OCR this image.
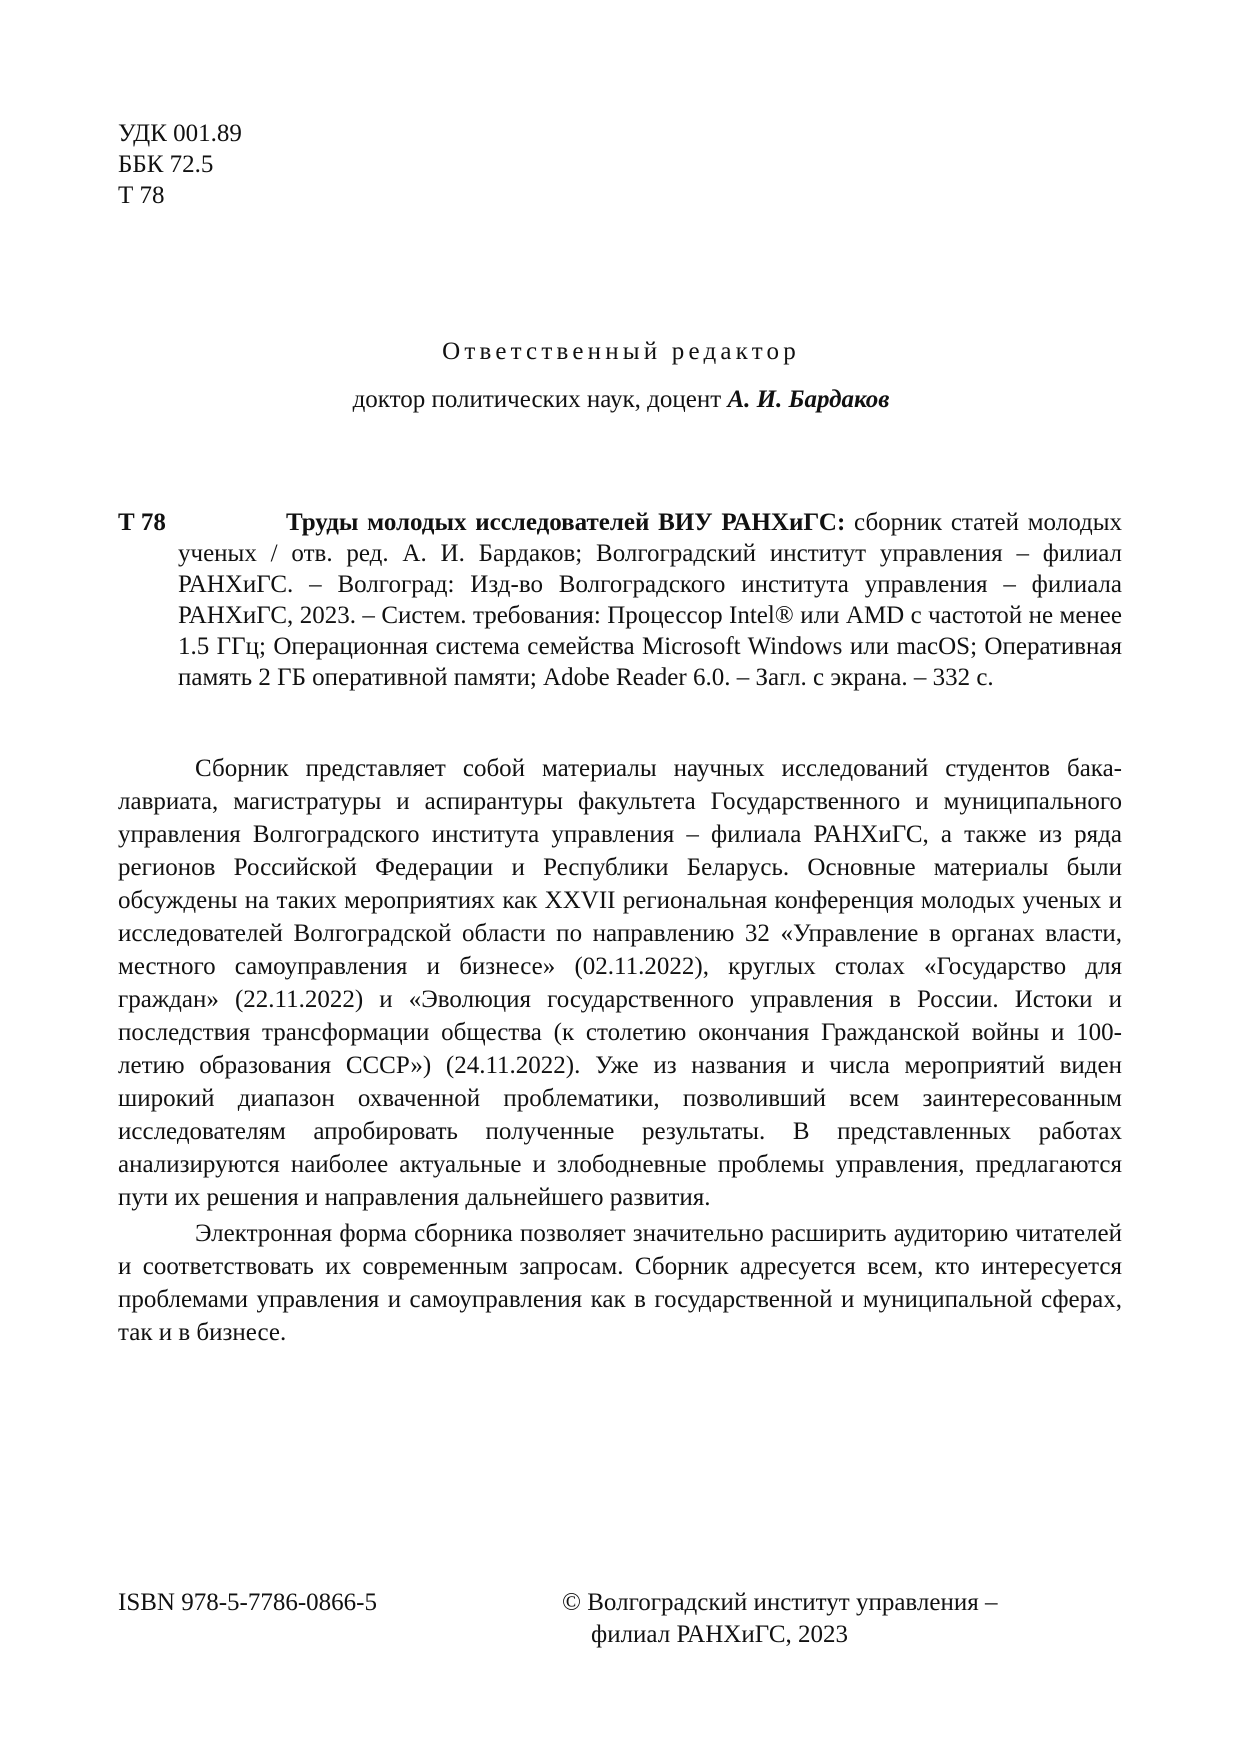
УДК 001.89
ББК 72.5
Т 78
Ответственный редактор
доктор политических наук, доцент А. И. Бардаков
Т 78	Труды молодых исследователей ВИУ РАНХиГС: сборник статей молодых ученых / отв. ред. А. И. Бардаков; Волгоградский институт управления – филиал РАНХиГС. – Волгоград: Изд-во Волгоградского института управления – филиала РАНХиГС, 2023. – Систем. требования: Процессор Intel® или AMD с частотой не менее 1.5 ГГц; Операционная система семейства Microsoft Windows или macOS; Оперативная память 2 ГБ оперативной памяти; Adobe Reader 6.0. – Загл. с экрана. – 332 с.

Сборник представляет собой материалы научных исследований студентов бакалавриата, магистратуры и аспирантуры факультета Государственного и муниципального управления Волгоградского института управления – филиала РАНХиГС, а также из ряда регионов Российской Федерации и Республики Беларусь. Основные материалы были обсуждены на таких мероприятиях как XXVII региональная конференция молодых ученых и исследователей Волгоградской области по направлению 32 «Управление в органах власти, местного самоуправления и бизнесе» (02.11.2022), круглых столах «Государство для граждан» (22.11.2022) и «Эволюция государственного управления в России. Истоки и последствия трансформации общества (к столетию окончания Гражданской войны и 100-летию образования СССР») (24.11.2022). Уже из названия и числа мероприятий виден широкий диапазон охваченной проблематики, позволивший всем заинтересованным исследователям апробировать полученные результаты. В представленных работах анализируются наиболее актуальные и злободневные проблемы управления, предлагаются пути их решения и направления дальнейшего развития.

Электронная форма сборника позволяет значительно расширить аудиторию читателей и соответствовать их современным запросам. Сборник адресуется всем, кто интересуется проблемами управления и самоуправления как в государственной и муниципальной сферах, так и в бизнесе.

ISBN 978-5-7786-0866-5	© Волгоградский институт управления –
филиал РАНХиГС, 2023
